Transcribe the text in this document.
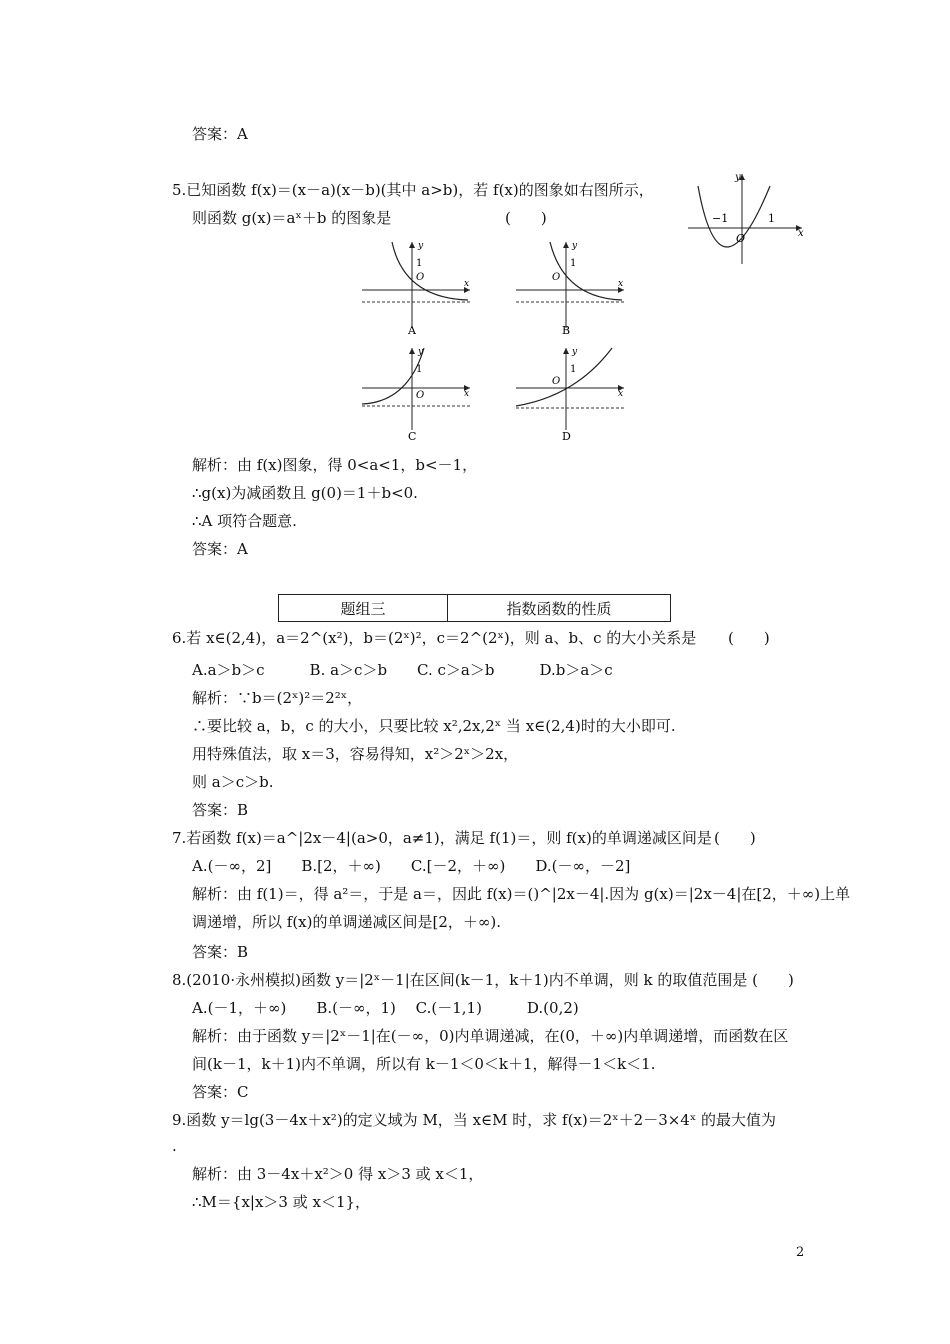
答案：A
5.已知函数 f(x)＝(x－a)(x－b)(其中 a>b)，若 f(x)的图象如右图所示，
则函数 g(x)＝aˣ＋b 的图象是	(　　)
y
x
O
−1	1
1
O
y
x
A
1
O
y
x
B
1
O
y
x
C
1
O
y
x
D
解析：由 f(x)图象，得 0<a<1，b<－1，
∴g(x)为减函数且 g(0)＝1＋b<0.
∴A 项符合题意.
答案：A
题组三	指数函数的性质
6.若 x∈(2,4)，a＝2^(x²)，b＝(2ˣ)²，c＝2^(2ˣ)，则 a、b、c 的大小关系是 (　　)
A.a＞b＞c　　　B. a＞c＞b　　C. c＞a＞b　　　D.b＞a＞c
解析：∵b＝(2ˣ)²＝2²ˣ，
∴要比较 a，b，c 的大小，只要比较 x²,2x,2ˣ 当 x∈(2,4)时的大小即可.
用特殊值法，取 x＝3，容易得知，x²＞2ˣ＞2x，
则 a＞c＞b.
答案：B
7.若函数 f(x)＝a^|2x－4|(a>0，a≠1)，满足 f(1)＝，则 f(x)的单调递减区间是 (　　)
A.(－∞，2]　　B.[2，＋∞)　　C.[－2，＋∞)　　D.(－∞，－2]
解析：由 f(1)＝，得 a²＝，于是 a＝，因此 f(x)＝()^|2x－4|.因为 g(x)＝|2x－4|在[2，＋∞)上单
调递增，所以 f(x)的单调递减区间是[2，＋∞).
答案：B
8.(2010·永州模拟)函数 y＝|2ˣ－1|在区间(k－1，k＋1)内不单调，则 k 的取值范围是 (　　)
A.(－1，＋∞)　　B.(－∞，1)　 C.(－1,1)　　　D.(0,2)
解析：由于函数 y＝|2ˣ－1|在(－∞，0)内单调递减，在(0，＋∞)内单调递增，而函数在区
间(k－1，k＋1)内不单调，所以有 k－1＜0＜k＋1，解得－1＜k＜1.
答案：C
9.函数 y＝lg(3－4x＋x²)的定义域为 M，当 x∈M 时，求 f(x)＝2ˣ＋2－3×4ˣ 的最大值为
.
解析：由 3－4x＋x²＞0 得 x＞3 或 x＜1，
∴M＝{x|x＞3 或 x＜1}，
2
